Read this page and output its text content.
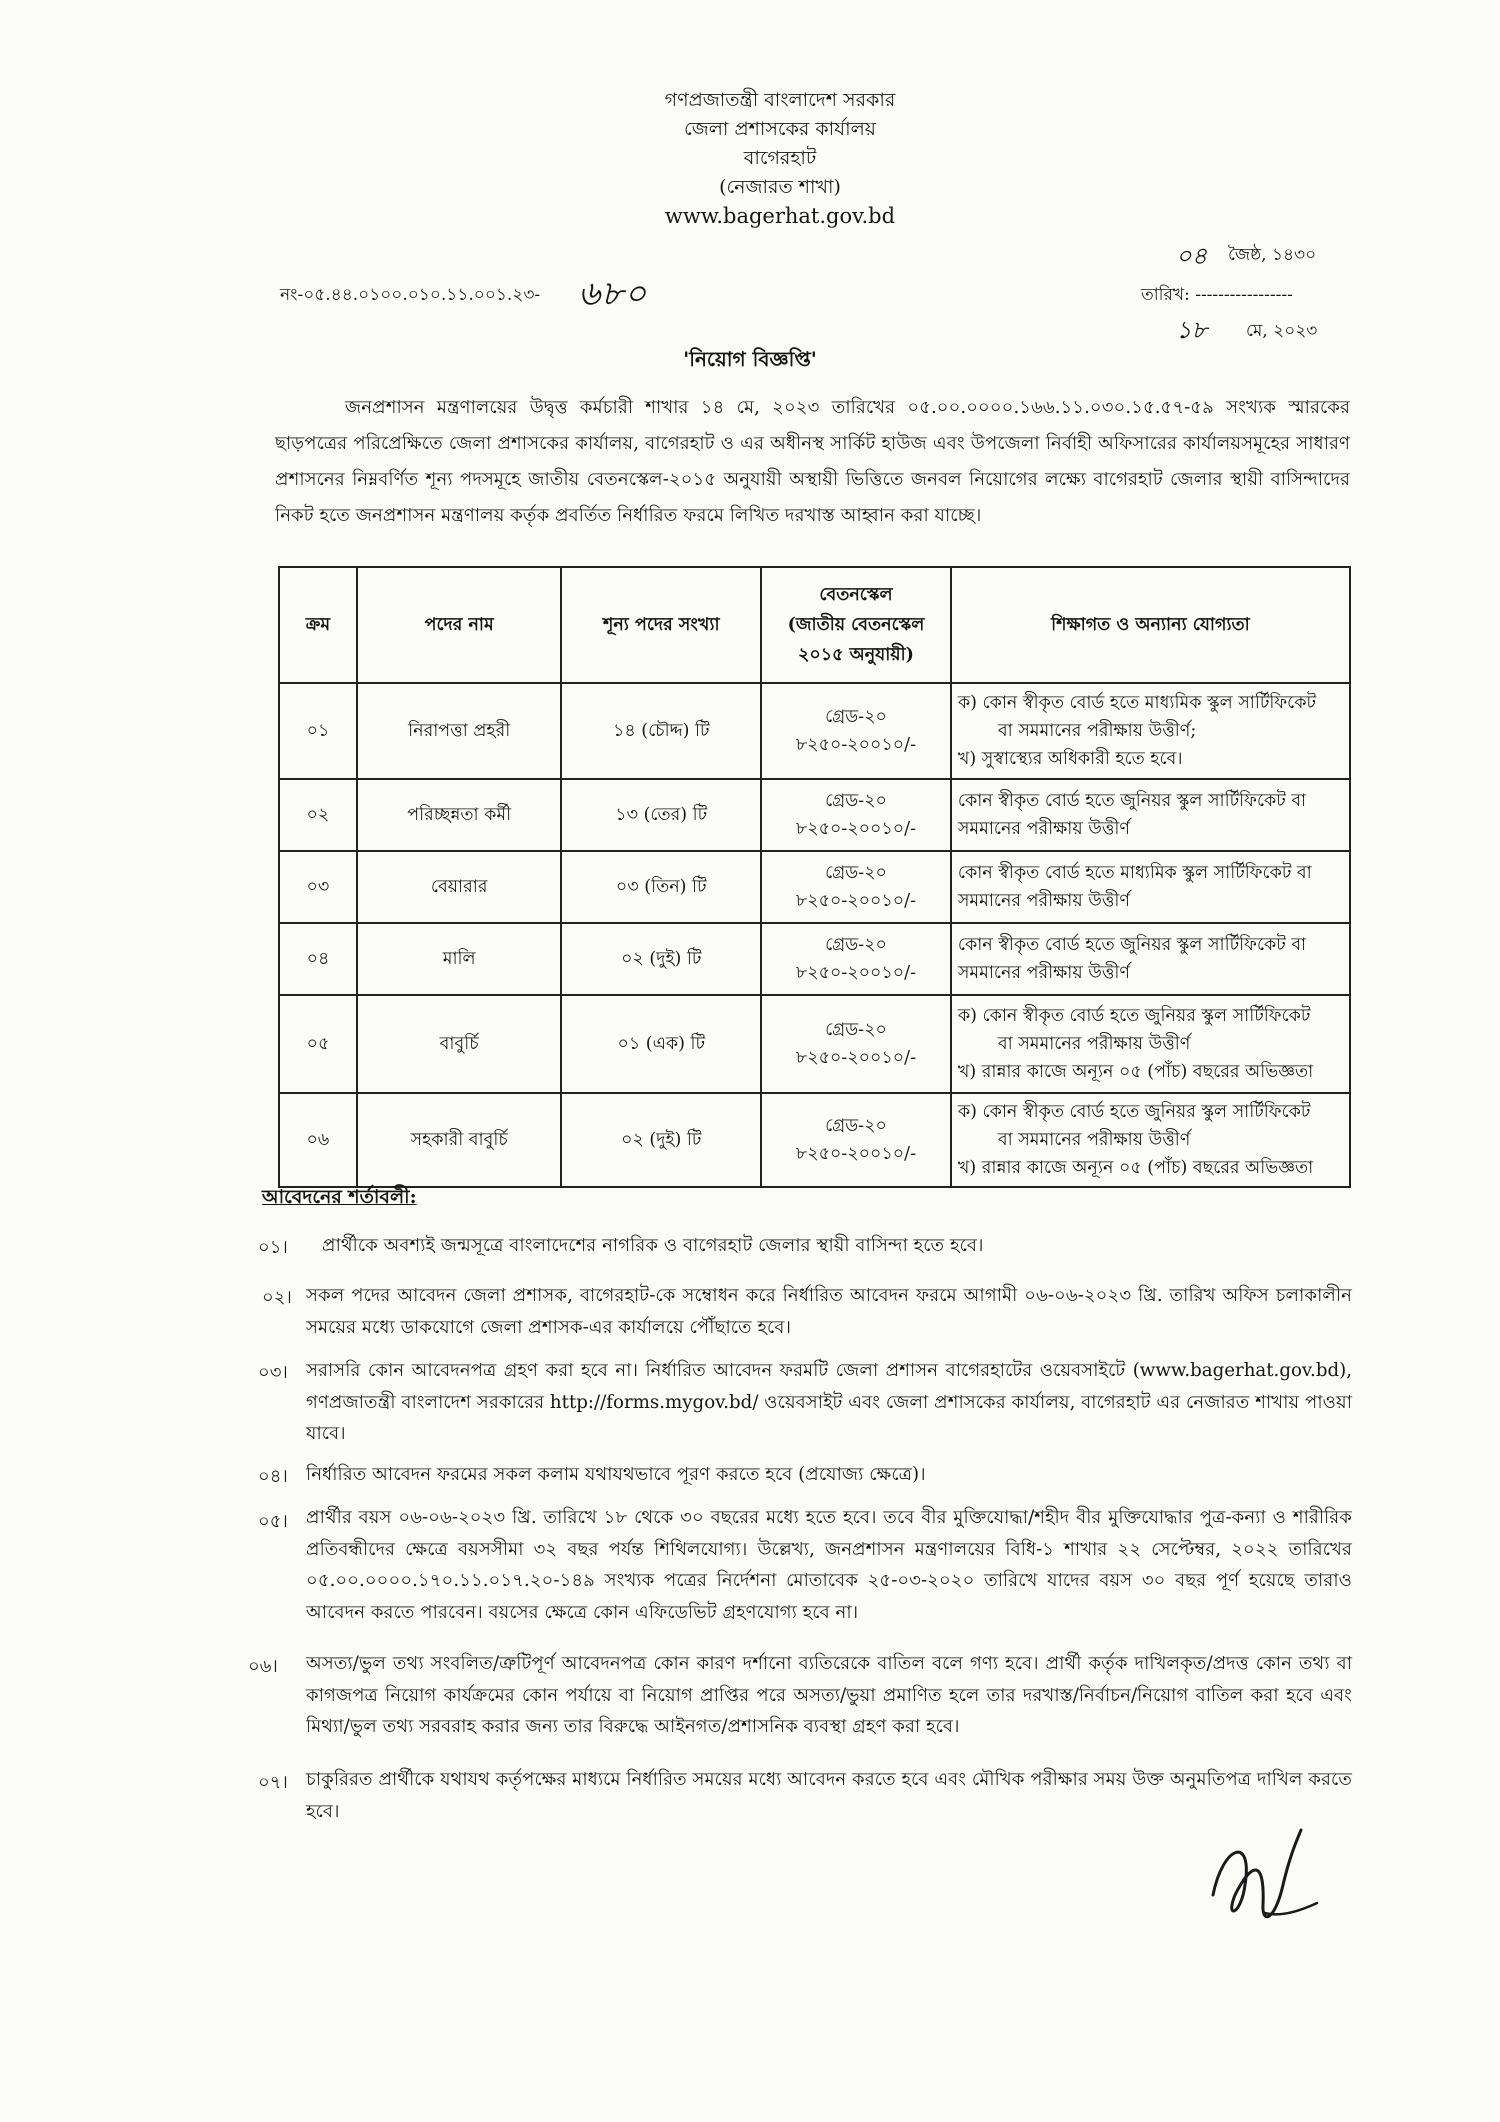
গণপ্রজাতন্ত্রী বাংলাদেশ সরকার
জেলা প্রশাসকের কার্যালয়
বাগেরহাট
(নেজারত শাখা)
www.bagerhat.gov.bd
নং-০৫.৪৪.০১০০.০১০.১১.০০১.২৩- ৬৮০
০৪ জৈষ্ঠ, ১৪৩০
তারিখ: -----------------
১৮ মে, ২০২৩
'নিয়োগ বিজ্ঞপ্তি'
জনপ্রশাসন মন্ত্রণালয়ের উদ্বৃত্ত কর্মচারী শাখার ১৪ মে, ২০২৩ তারিখের ০৫.০০.০০০০.১৬৬.১১.০৩০.১৫.৫৭-৫৯ সংখ্যক স্মারকের ছাড়পত্রের পরিপ্রেক্ষিতে জেলা প্রশাসকের কার্যালয়, বাগেরহাট ও এর অধীনস্থ সার্কিট হাউজ এবং উপজেলা নির্বাহী অফিসারের কার্যালয়সমূহের সাধারণ প্রশাসনের নিম্নবর্ণিত শূন্য পদসমূহে জাতীয় বেতনস্কেল-২০১৫ অনুযায়ী অস্থায়ী ভিত্তিতে জনবল নিয়োগের লক্ষ্যে বাগেরহাট জেলার স্থায়ী বাসিন্দাদের নিকট হতে জনপ্রশাসন মন্ত্রণালয় কর্তৃক প্রবর্তিত নির্ধারিত ফরমে লিখিত দরখাস্ত আহ্বান করা যাচ্ছে।
ক্রম	পদের নাম	শূন্য পদের সংখ্যা	বেতনস্কেল
(জাতীয় বেতনস্কেল
২০১৫ অনুযায়ী)	শিক্ষাগত ও অন্যান্য যোগ্যতা
০১	নিরাপত্তা প্রহরী	১৪ (চৌদ্দ) টি	গ্রেড-২০
৮২৫০-২০০১০/-	ক) কোন স্বীকৃত বোর্ড হতে মাধ্যমিক স্কুল সার্টিফিকেট
বা সমমানের পরীক্ষায় উত্তীর্ণ;
খ) সুস্বাস্থ্যের অধিকারী হতে হবে।

০২	পরিচ্ছন্নতা কর্মী	১৩ (তের) টি	গ্রেড-২০
৮২৫০-২০০১০/-	কোন স্বীকৃত বোর্ড হতে জুনিয়র স্কুল সার্টিফিকেট বা
সমমানের পরীক্ষায় উত্তীর্ণ

০৩	বেয়ারার	০৩ (তিন) টি	গ্রেড-২০
৮২৫০-২০০১০/-	কোন স্বীকৃত বোর্ড হতে মাধ্যমিক স্কুল সার্টিফিকেট বা
সমমানের পরীক্ষায় উত্তীর্ণ

০৪	মালি	০২ (দুই) টি	গ্রেড-২০
৮২৫০-২০০১০/-	কোন স্বীকৃত বোর্ড হতে জুনিয়র স্কুল সার্টিফিকেট বা
সমমানের পরীক্ষায় উত্তীর্ণ

০৫	বাবুর্চি	০১ (এক) টি	গ্রেড-২০
৮২৫০-২০০১০/-	ক) কোন স্বীকৃত বোর্ড হতে জুনিয়র স্কুল সার্টিফিকেট
বা সমমানের পরীক্ষায় উত্তীর্ণ
খ) রান্নার কাজে অন্যূন ০৫ (পাঁচ) বছরের অভিজ্ঞতা

০৬	সহকারী বাবুর্চি	০২ (দুই) টি	গ্রেড-২০
৮২৫০-২০০১০/-	ক) কোন স্বীকৃত বোর্ড হতে জুনিয়র স্কুল সার্টিফিকেট
বা সমমানের পরীক্ষায় উত্তীর্ণ
খ) রান্নার কাজে অন্যূন ০৫ (পাঁচ) বছরের অভিজ্ঞতা
আবেদনের শর্তাবলী:
০১। প্রার্থীকে অবশ্যই জন্মসূত্রে বাংলাদেশের নাগরিক ও বাগেরহাট জেলার স্থায়ী বাসিন্দা হতে হবে।
০২। সকল পদের আবেদন জেলা প্রশাসক, বাগেরহাট-কে সম্বোধন করে নির্ধারিত আবেদন ফরমে আগামী ০৬-০৬-২০২৩ খ্রি. তারিখ অফিস চলাকালীন সময়ের মধ্যে ডাকযোগে জেলা প্রশাসক-এর কার্যালয়ে পৌঁছাতে হবে।
০৩। সরাসরি কোন আবেদনপত্র গ্রহণ করা হবে না। নির্ধারিত আবেদন ফরমটি জেলা প্রশাসন বাগেরহাটের ওয়েবসাইটে (www.bagerhat.gov.bd), গণপ্রজাতন্ত্রী বাংলাদেশ সরকারের http://forms.mygov.bd/ ওয়েবসাইট এবং জেলা প্রশাসকের কার্যালয়, বাগেরহাট এর নেজারত শাখায় পাওয়া যাবে।
০৪। নির্ধারিত আবেদন ফরমের সকল কলাম যথাযথভাবে পূরণ করতে হবে (প্রযোজ্য ক্ষেত্রে)।
০৫। প্রার্থীর বয়স ০৬-০৬-২০২৩ খ্রি. তারিখে ১৮ থেকে ৩০ বছরের মধ্যে হতে হবে। তবে বীর মুক্তিযোদ্ধা/শহীদ বীর মুক্তিযোদ্ধার পুত্র-কন্যা ও শারীরিক প্রতিবন্ধীদের ক্ষেত্রে বয়সসীমা ৩২ বছর পর্যন্ত শিথিলযোগ্য। উল্লেখ্য, জনপ্রশাসন মন্ত্রণালয়ের বিধি-১ শাখার ২২ সেপ্টেম্বর, ২০২২ তারিখের ০৫.০০.০০০০.১৭০.১১.০১৭.২০-১৪৯ সংখ্যক পত্রের নির্দেশনা মোতাবেক ২৫-০৩-২০২০ তারিখে যাদের বয়স ৩০ বছর পূর্ণ হয়েছে তারাও আবেদন করতে পারবেন। বয়সের ক্ষেত্রে কোন এফিডেভিট গ্রহণযোগ্য হবে না।
০৬। অসত্য/ভুল তথ্য সংবলিত/ত্রুটিপূর্ণ আবেদনপত্র কোন কারণ দর্শানো ব্যতিরেকে বাতিল বলে গণ্য হবে। প্রার্থী কর্তৃক দাখিলকৃত/প্রদত্ত কোন তথ্য বা কাগজপত্র নিয়োগ কার্যক্রমের কোন পর্যায়ে বা নিয়োগ প্রাপ্তির পরে অসত্য/ভুয়া প্রমাণিত হলে তার দরখাস্ত/নির্বাচন/নিয়োগ বাতিল করা হবে এবং মিথ্যা/ভুল তথ্য সরবরাহ করার জন্য তার বিরুদ্ধে আইনগত/প্রশাসনিক ব্যবস্থা গ্রহণ করা হবে।
০৭। চাকুরিরত প্রার্থীকে যথাযথ কর্তৃপক্ষের মাধ্যমে নির্ধারিত সময়ের মধ্যে আবেদন করতে হবে এবং মৌখিক পরীক্ষার সময় উক্ত অনুমতিপত্র দাখিল করতে হবে।
